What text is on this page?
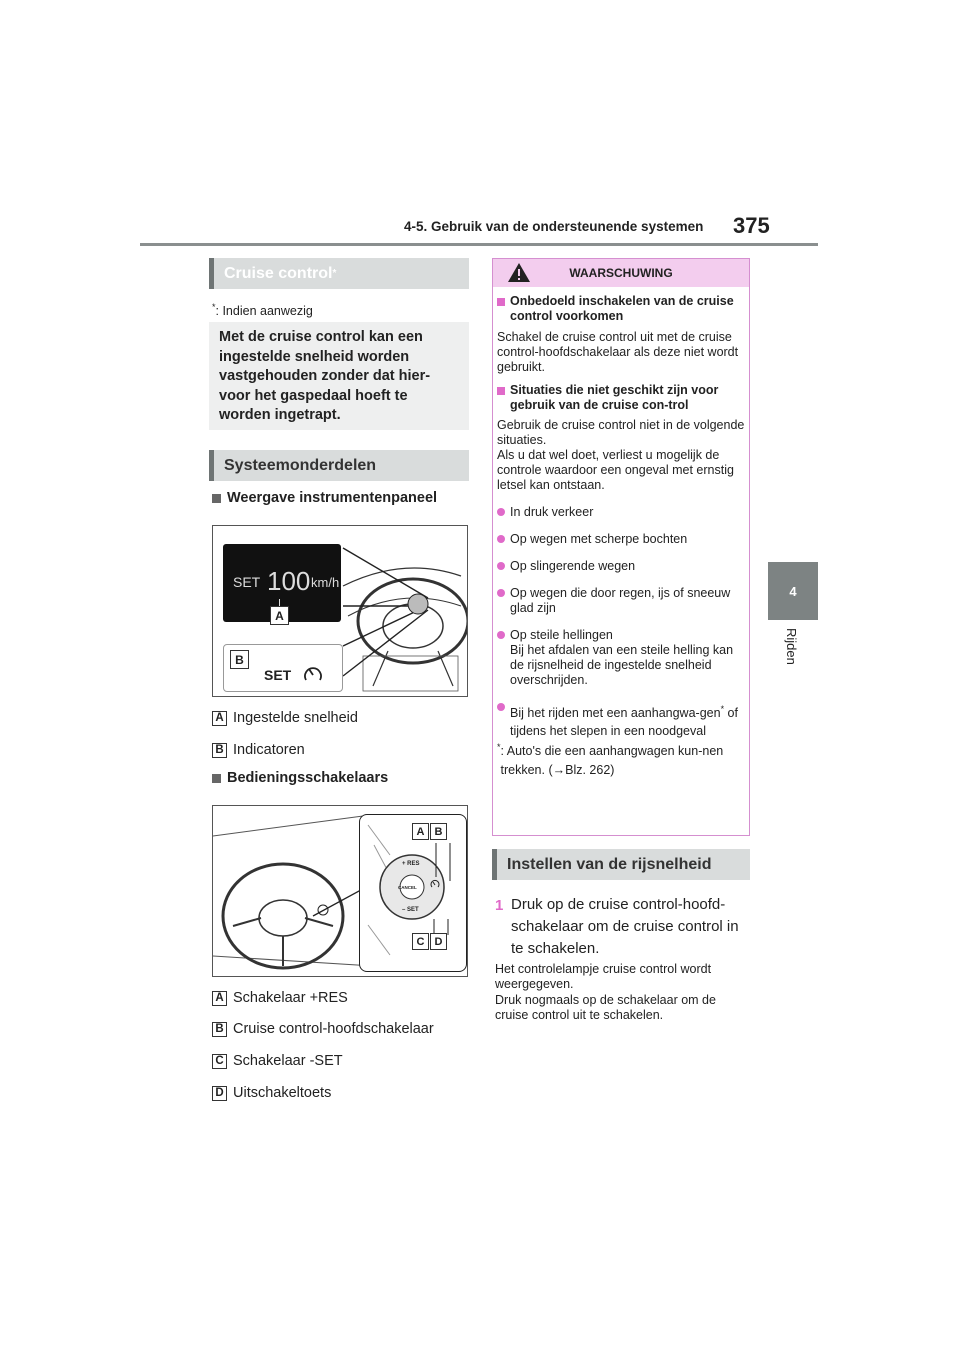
4-5. Gebruik van de ondersteunende systemen 375
4
Rijden
Cruise control *
*: Indien aanwezig
Met de cruise control kan een ingestelde snelheid worden vastgehouden zonder dat hier-voor het gaspedaal hoeft te worden ingetrapt.
Systeemonderdelen
Weergave instrumentenpaneel
SET 100 km/h
A
B
SET
A Ingestelde snelheid
B Indicatoren
Bedieningsschakelaars
+ RES
CANCEL
– SET
A B
C D
A Schakelaar +RES
B Cruise control-hoofdschakelaar
C Schakelaar -SET
D Uitschakeltoets
WAARSCHUWING
Onbedoeld inschakelen van de cruise control voorkomen
Schakel de cruise control uit met de cruise control-hoofdschakelaar als deze niet wordt gebruikt.
Situaties die niet geschikt zijn voor gebruik van de cruise con-trol
Gebruik de cruise control niet in de volgende situaties.
Als u dat wel doet, verliest u mogelijk de controle waardoor een ongeval met ernstig letsel kan ontstaan.
In druk verkeer
Op wegen met scherpe bochten
Op slingerende wegen
Op wegen die door regen, ijs of sneeuw glad zijn
Op steile hellingen
Bij het afdalen van een steile helling kan de rijsnelheid de ingestelde snelheid overschrijden.
Bij het rijden met een aanhangwa-gen* of tijdens het slepen in een noodgeval
* : Auto's die een aanhangwagen kun-nen trekken. (→Blz. 262)
Instellen van de rijsnelheid
1 Druk op de cruise control-hoofd-schakelaar om de cruise control in te schakelen.
Het controlelampje cruise control wordt weergegeven.
Druk nogmaals op de schakelaar om de cruise control uit te schakelen.
